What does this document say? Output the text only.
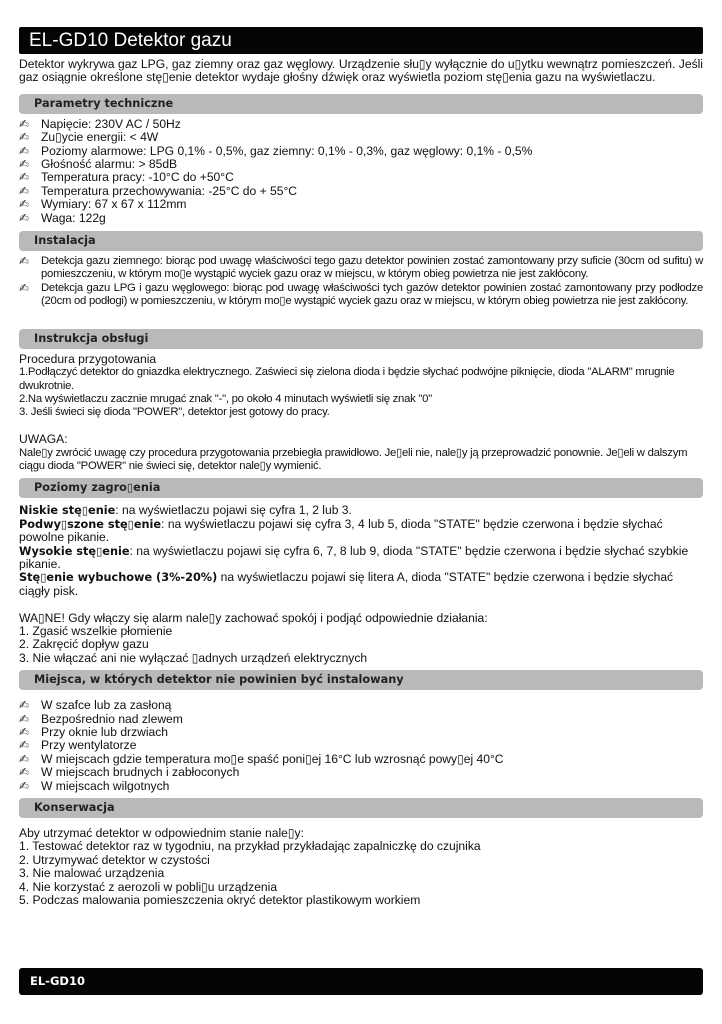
EL-GD10 Detektor gazu

Detektor wykrywa gaz LPG, gaz ziemny oraz gaz węglowy. Urządzenie słu▯y wyłącznie do u▯ytku wewnątrz pomieszczeń. Jeśli gaz osiągnie określone stę▯enie detektor wydaje głośny dźwięk oraz wyświetla poziom stę▯enia gazu na wyświetlaczu.

Parametry techniczne
✍ Napięcie: 230V AC / 50Hz
✍ Zu▯ycie energii: < 4W
✍ Poziomy alarmowe: LPG 0,1% - 0,5%, gaz ziemny: 0,1% - 0,3%, gaz węglowy: 0,1% - 0,5%
✍ Głośność alarmu: > 85dB
✍ Temperatura pracy: -10°C do +50°C
✍ Temperatura przechowywania: -25°C do + 55°C
✍ Wymiary: 67 x 67 x 112mm
✍ Waga: 122g
Instalacja
✍ Detekcja gazu ziemnego: biorąc pod uwagę właściwości tego gazu detektor powinien zostać zamontowany przy suficie (30cm od sufitu) w pomieszczeniu, w którym mo▯e wystąpić wyciek gazu oraz w miejscu, w którym obieg powietrza nie jest zakłócony.
✍ Detekcja gazu LPG i gazu węglowego: biorąc pod uwagę właściwości tych gazów detektor powinien zostać zamontowany przy podłodze (20cm od podłogi) w pomieszczeniu, w którym mo▯e wystąpić wyciek gazu oraz w miejscu, w którym obieg powietrza nie jest zakłócony.
Instrukcja obsługi

Procedura przygotowania

1.Podłączyć detektor do gniazdka elektrycznego. Zaświeci się zielona dioda i będzie słychać podwójne piknięcie, dioda "ALARM" mrugnie dwukrotnie.

2.Na wyświetlaczu zacznie mrugać znak "-", po około 4 minutach wyświetli się znak "0"

3. Jeśli świeci się dioda "POWER", detektor jest gotowy do pracy.

UWAGA:

Nale▯y zwrócić uwagę czy procedura przygotowania przebiegła prawidłowo. Je▯eli nie, nale▯y ją przeprowadzić ponownie. Je▯eli w dalszym ciągu dioda "POWER" nie świeci się, detektor nale▯y wymienić.

Poziomy zagro▯enia

Niskie stę▯enie: na wyświetlaczu pojawi się cyfra 1, 2 lub 3.

Podwy▯szone stę▯enie: na wyświetlaczu pojawi się cyfra 3, 4 lub 5, dioda "STATE" będzie czerwona i będzie słychać powolne pikanie.

Wysokie stę▯enie: na wyświetlaczu pojawi się cyfra 6, 7, 8 lub 9, dioda "STATE" będzie czerwona i będzie słychać szybkie pikanie.

Stę▯enie wybuchowe (3%-20%) na wyświetlaczu pojawi się litera A, dioda "STATE" będzie czerwona i będzie słychać ciągły pisk.

WA▯NE! Gdy włączy się alarm nale▯y zachować spokój i podjąć odpowiednie działania:

1. Zgasić wszelkie płomienie

2. Zakręcić dopływ gazu

3. Nie włączać ani nie wyłączać ▯adnych urządzeń elektrycznych

Miejsca, w których detektor nie powinien być instalowany
✍ W szafce lub za zasłoną
✍ Bezpośrednio nad zlewem
✍ Przy oknie lub drzwiach
✍ Przy wentylatorze
✍ W miejscach gdzie temperatura mo▯e spaść poni▯ej 16°C lub wzrosnąć powy▯ej 40°C
✍ W miejscach brudnych i zabłoconych
✍ W miejscach wilgotnych
Konserwacja

Aby utrzymać detektor w odpowiednim stanie nale▯y:

1. Testować detektor raz w tygodniu, na przykład przykładając zapalniczkę do czujnika

2. Utrzymywać detektor w czystości

3. Nie malować urządzenia

4. Nie korzystać z aerozoli w pobli▯u urządzenia

5. Podczas malowania pomieszczenia okryć detektor plastikowym workiem

EL-GD10
